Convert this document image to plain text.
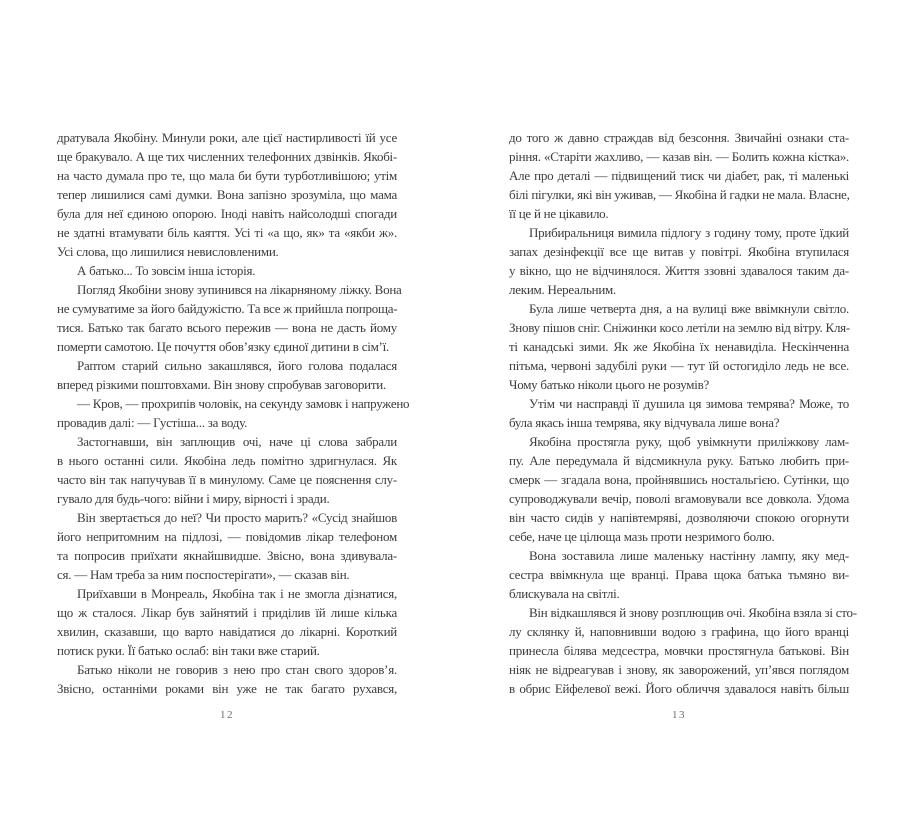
дратувала Якобіну. Минули роки, але цієї настирливості їй усе
ще бракувало. А ще тих численних телефонних дзвінків. Якобі-
на часто думала про те, що мала би бути турботливішою; утім
тепер лишилися самі думки. Вона запізно зрозуміла, що мама
була для неї єдиною опорою. Іноді навіть найсолодші спогади
не здатні втамувати біль каяття. Усі ті «а що, як» та «якби ж».
Усі слова, що лишилися невисловленими.
А батько... То зовсім інша історія.
Погляд Якобіни знову зупинився на лікарняному ліжку. Вона
не сумуватиме за його байдужістю. Та все ж прийшла попроща-
тися. Батько так багато всього пережив — вона не дасть йому
померти самотою. Це почуття обов’язку єдиної дитини в сім’ї.
Раптом старий сильно закашлявся, його голова подалася
вперед різкими поштовхами. Він знову спробував заговорити.
— Кров, — прохрипів чоловік, на секунду замовк і напружено
провадив далі: — Густіша... за воду.
Застогнавши, він заплющив очі, наче ці слова забрали
в нього останні сили. Якобіна ледь помітно здригнулася. Як
часто він так напучував її в минулому. Саме це пояснення слу-
гувало для будь-чого: війни і миру, вірності і зради.
Він звертається до неї? Чи просто марить? «Сусід знайшов
його непритомним на підлозі, — повідомив лікар телефоном
та попросив приїхати якнайшвидше. Звісно, вона здивувала-
ся. — Нам треба за ним поспостерігати», — сказав він.
Приїхавши в Монреаль, Якобіна так і не змогла дізнатися,
що ж сталося. Лікар був зайнятий і приділив їй лише кілька
хвилин, сказавши, що варто навідатися до лікарні. Короткий
потиск руки. Її батько ослаб: він таки вже старий.
Батько ніколи не говорив з нею про стан свого здоров’я.
Звісно, останніми роками він уже не так багато рухався,
12
до того ж давно страждав від безсоння. Звичайні ознаки ста-
ріння. «Старіти жахливо, — казав він. — Болить кожна кістка».
Але про деталі — підвищений тиск чи діабет, рак, ті маленькі
білі пігулки, які він уживав, — Якобіна й гадки не мала. Власне,
її це й не цікавило.
Прибиральниця вимила підлогу з годину тому, проте їдкий
запах дезінфекції все ще витав у повітрі. Якобіна втупилася
у вікно, що не відчинялося. Життя ззовні здавалося таким да-
леким. Нереальним.
Була лише четверта дня, а на вулиці вже ввімкнули світло.
Знову пішов сніг. Сніжинки косо летіли на землю від вітру. Кля-
ті канадські зими. Як же Якобіна їх ненавиділа. Нескінченна
пітьма, червоні задубілі руки — тут їй остогиділо ледь не все.
Чому батько ніколи цього не розумів?
Утім чи насправді її душила ця зимова темрява? Може, то
була якась інша темрява, яку відчувала лише вона?
Якобіна простягла руку, щоб увімкнути приліжкову лам-
пу. Але передумала й відсмикнула руку. Батько любить при-
смерк — згадала вона, пройнявшись ностальгією. Сутінки, що
супроводжували вечір, поволі вгамовували все довкола. Удома
він часто сидів у напівтемряві, дозволяючи спокою огорнути
себе, наче це цілюща мазь проти незримого болю.
Вона зоставила лише маленьку настінну лампу, яку мед-
сестра ввімкнула ще вранці. Права щока батька тьмяно ви-
блискувала на світлі.
Він відкашлявся й знову розплющив очі. Якобіна взяла зі сто-
лу склянку й, наповнивши водою з графина, що його вранці
принесла білява медсестра, мовчки простягнула батькові. Він
ніяк не відреагував і знову, як заворожений, уп’явся поглядом
в обрис Ейфелевої вежі. Його обличчя здавалося навіть більш
13
